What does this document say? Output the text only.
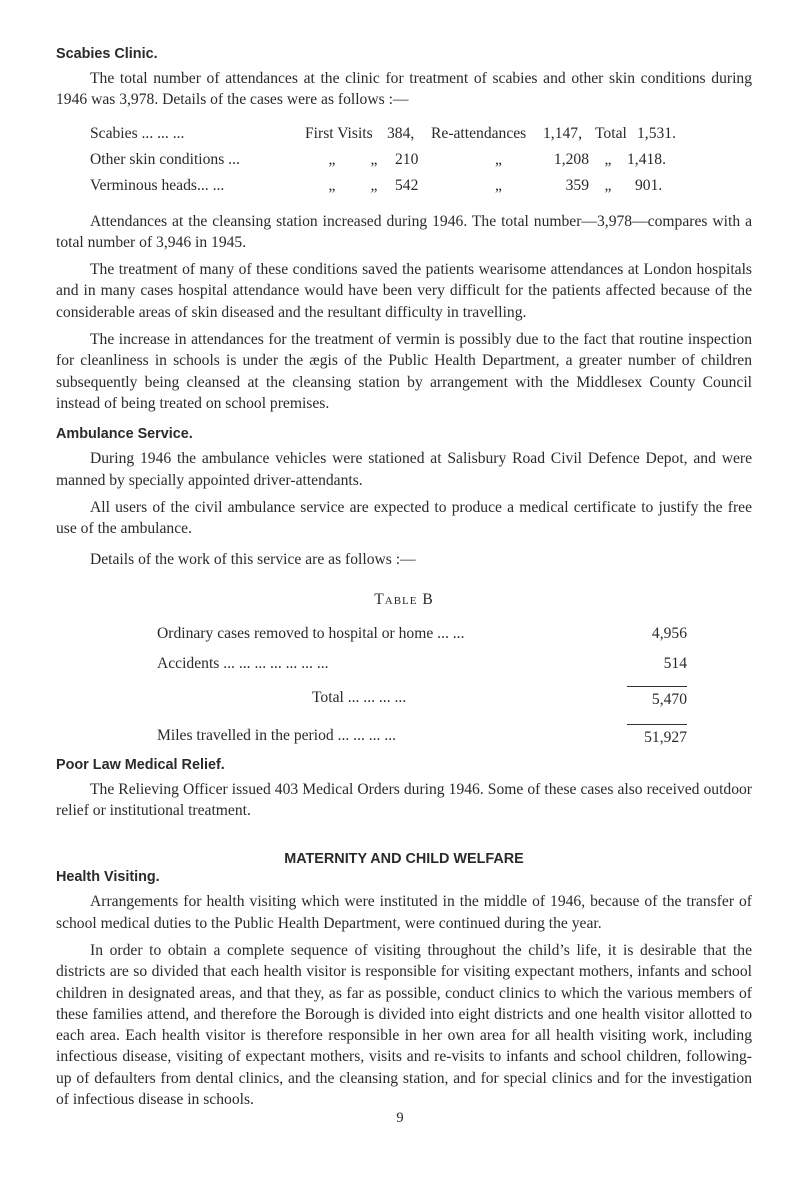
Scabies Clinic.

The total number of attendances at the clinic for treatment of scabies and other skin conditions during 1946 was 3,978. Details of the cases were as follows :—

Scabies ... ... ...	First Visits 384,	Re-attendances	1,147, Total 1,531.
Other skin conditions ...	„	„	210	„	1,208 „ 1,418.
Verminous heads... ...	„	„	542	„	359 „	901.

Attendances at the cleansing station increased during 1946. The total number—3,978—compares with a total number of 3,946 in 1945.

The treatment of many of these conditions saved the patients wearisome attendances at London hospitals and in many cases hospital attendance would have been very difficult for the patients affected because of the considerable areas of skin diseased and the resultant difficulty in travelling.

The increase in attendances for the treatment of vermin is possibly due to the fact that routine inspection for cleanliness in schools is under the ægis of the Public Health Department, a greater number of children subsequently being cleansed at the cleansing station by arrangement with the Middlesex County Council instead of being treated on school premises.

Ambulance Service.

During 1946 the ambulance vehicles were stationed at Salisbury Road Civil Defence Depot, and were manned by specially appointed driver-attendants.

All users of the civil ambulance service are expected to produce a medical certificate to justify the free use of the ambulance.

Details of the work of this service are as follows :—

Table B
Ordinary cases removed to hospital or home ... ...	4,956
Accidents ... ... ... ... ... ... ...	514
Total ... ... ... ...	5,470
Miles travelled in the period ... ... ... ...	51,927
Poor Law Medical Relief.

The Relieving Officer issued 403 Medical Orders during 1946. Some of these cases also received outdoor relief or institutional treatment.

MATERNITY AND CHILD WELFARE
Health Visiting.

Arrangements for health visiting which were instituted in the middle of 1946, because of the transfer of school medical duties to the Public Health Department, were continued during the year.

In order to obtain a complete sequence of visiting throughout the child’s life, it is desirable that the districts are so divided that each health visitor is responsible for visiting expectant mothers, infants and school children in designated areas, and that they, as far as possible, conduct clinics to which the various members of these families attend, and therefore the Borough is divided into eight districts and one health visitor allotted to each area. Each health visitor is therefore responsible in her own area for all health visiting work, including infectious disease, visiting of expectant mothers, visits and re-visits to infants and school children, following-up of defaulters from dental clinics, and the cleansing station, and for special clinics and for the investigation of infectious disease in schools.

9
